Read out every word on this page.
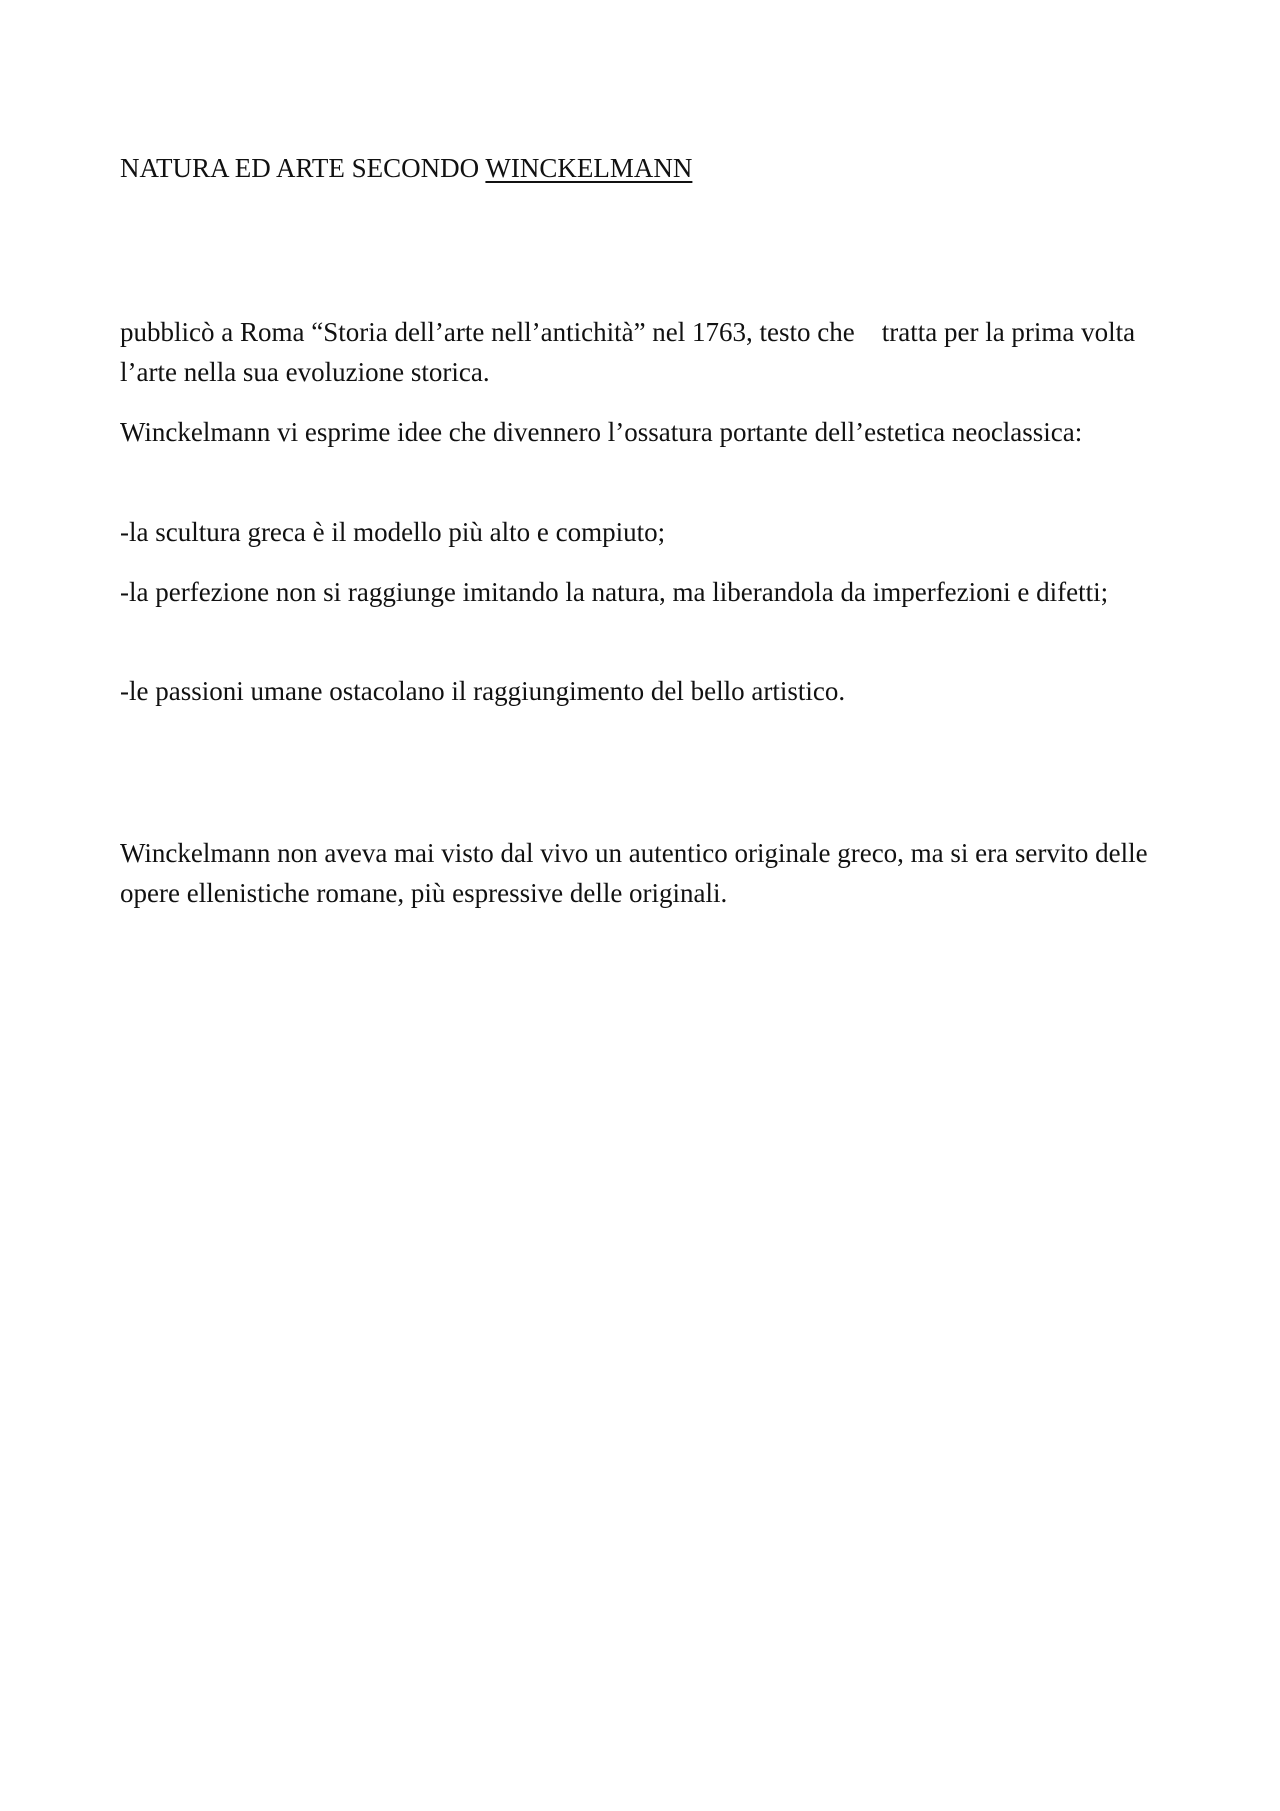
NATURA ED ARTE SECONDO WINCKELMANN

pubblicò a Roma “Storia dell’arte nell’antichità” nel 1763, testo che tratta per la prima volta l’arte nella sua evoluzione storica.

Winckelmann vi esprime idee che divennero l’ossatura portante dell’estetica neoclassica:

-la scultura greca è il modello più alto e compiuto;

-la perfezione non si raggiunge imitando la natura, ma liberandola da imperfezioni e difetti;

-le passioni umane ostacolano il raggiungimento del bello artistico.

Winckelmann non aveva mai visto dal vivo un autentico originale greco, ma si era servito delle opere ellenistiche romane, più espressive delle originali.
